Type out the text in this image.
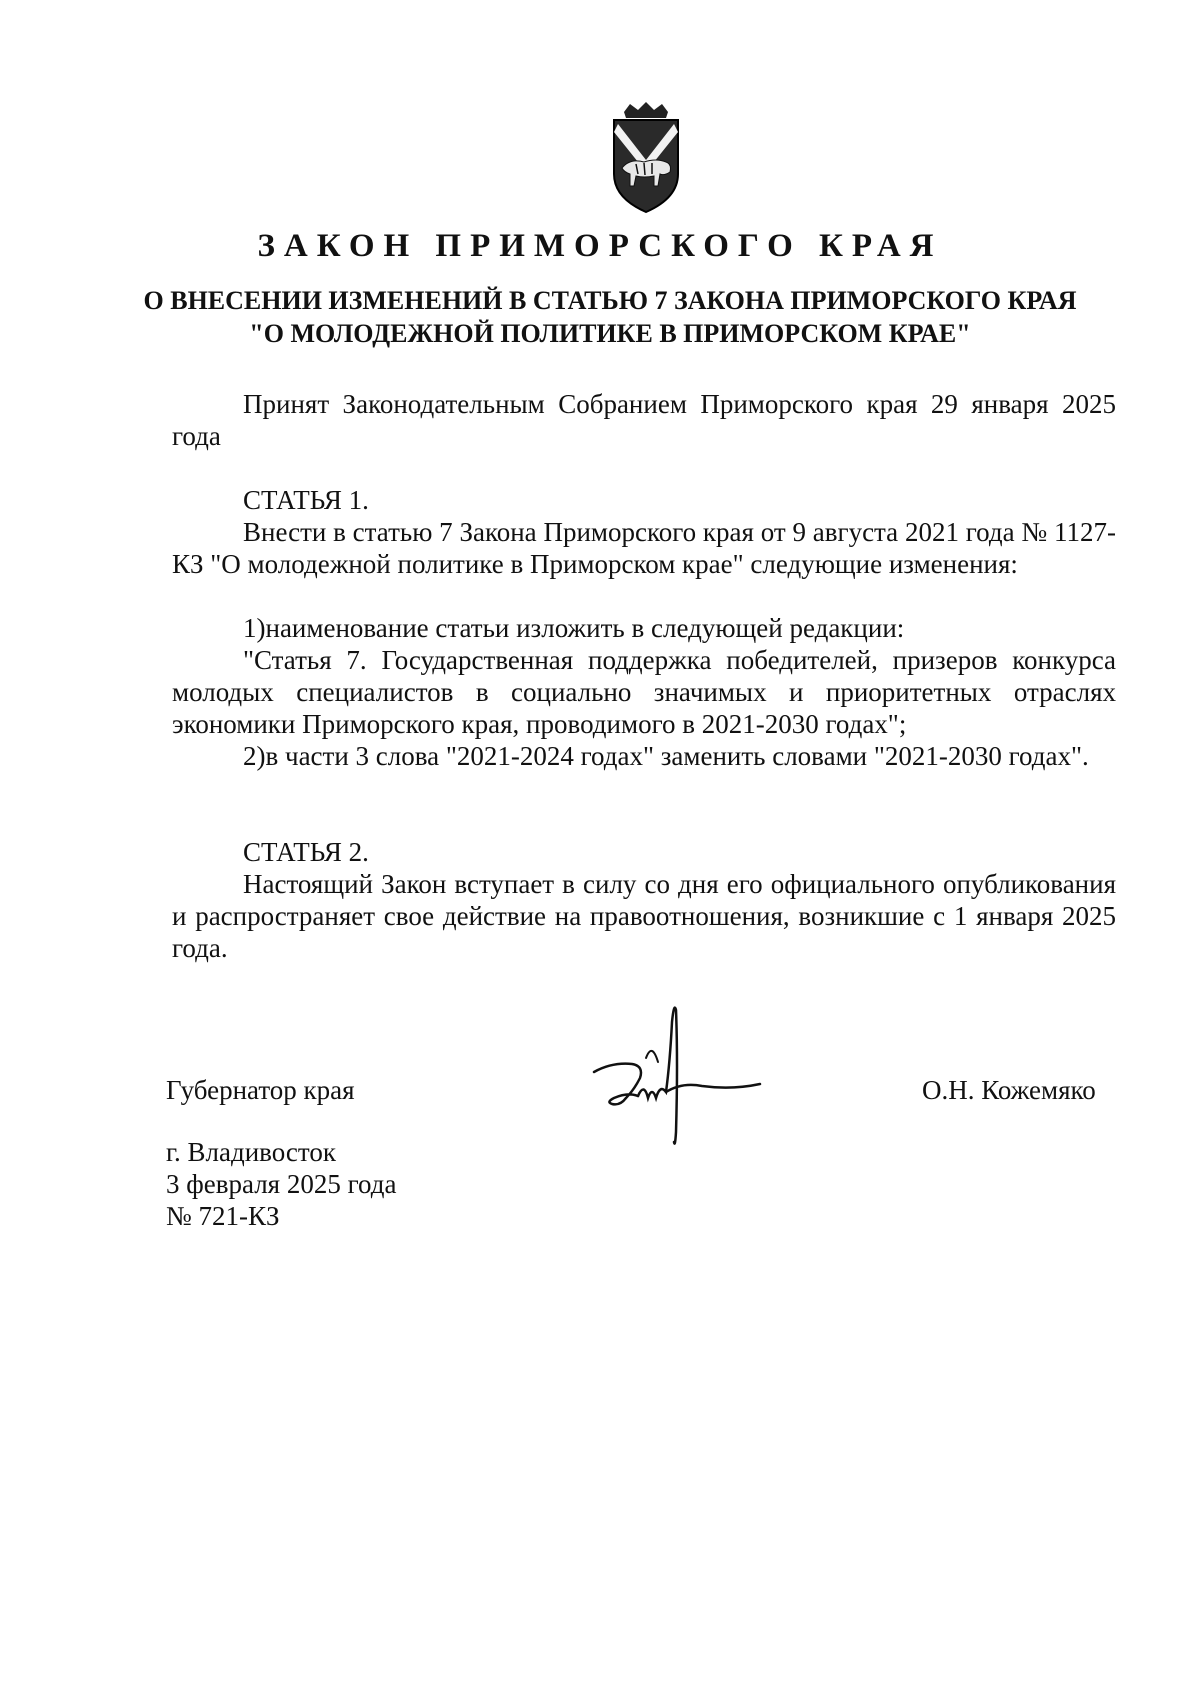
ЗАКОН ПРИМОРСКОГО КРАЯ
О ВНЕСЕНИИ ИЗМЕНЕНИЙ В СТАТЬЮ 7 ЗАКОНА ПРИМОРСКОГО КРАЯ "О МОЛОДЕЖНОЙ ПОЛИТИКЕ В ПРИМОРСКОМ КРАЕ"

Принят Законодательным Собранием Приморского края 29 января 2025 года

СТАТЬЯ 1.

Внести в статью 7 Закона Приморского края от 9 августа 2021 года № 1127-КЗ "О молодежной политике в Приморском крае" следующие изменения:

1)наименование статьи изложить в следующей редакции:

"Статья 7. Государственная поддержка победителей, призеров конкурса молодых специалистов в социально значимых и приоритетных отраслях экономики Приморского края, проводимого в 2021-2030 годах";

2)в части 3 слова "2021-2024 годах" заменить словами "2021-2030 годах".

СТАТЬЯ 2.

Настоящий Закон вступает в силу со дня его официального опубликования и распространяет свое действие на правоотношения, возникшие с 1 января 2025 года.

Губернатор края	О.Н. Кожемяко
г. Владивосток
3 февраля 2025 года
№ 721-КЗ
